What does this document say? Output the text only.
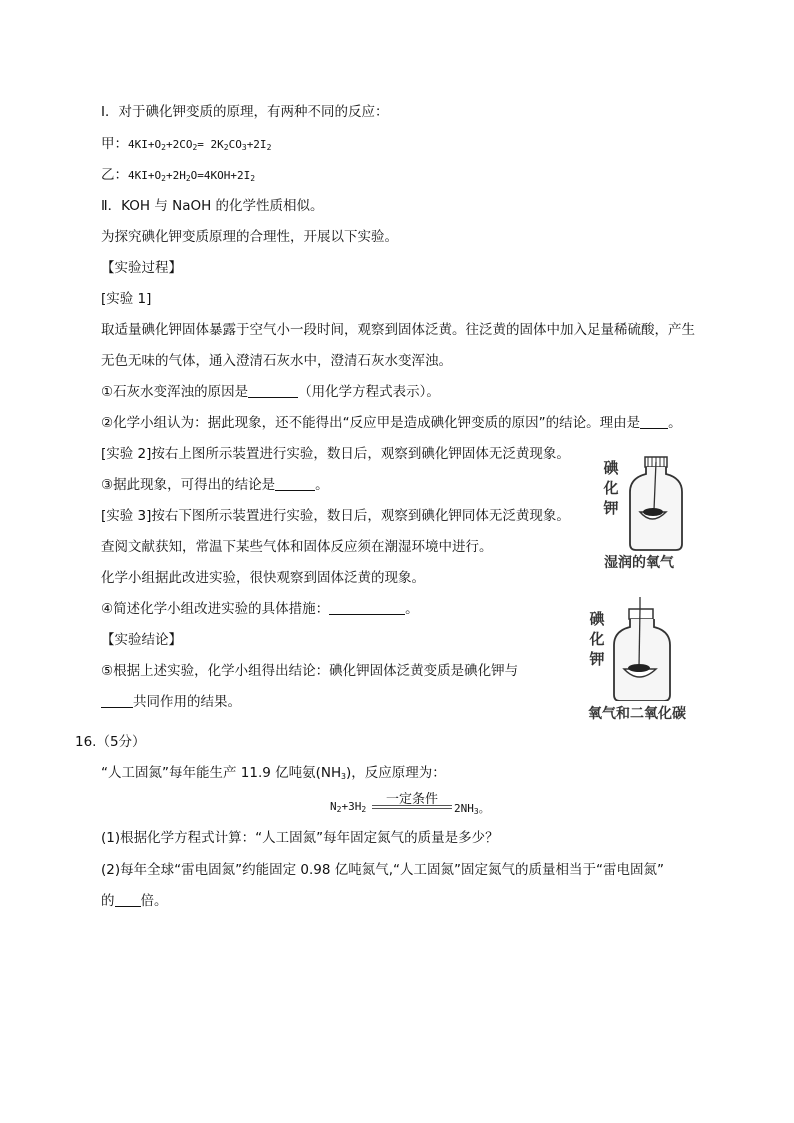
Ⅰ．对于碘化钾变质的原理，有两种不同的反应：
甲：$4KI+O_2+2CO_2= 2K_2CO_3+2I_2$
乙：$4KI+O_2+2H_2O=4KOH+2I_2$
Ⅱ．KOH 与 NaOH 的化学性质相似。
为探究碘化钾变质原理的合理性，开展以下实验。
【实验过程】
[实验 1]
取适量碘化钾固体暴露于空气小一段时间，观察到固体泛黄。往泛黄的固体中加入足量稀硫酸，产生
无色无味的气体，通入澄清石灰水中，澄清石灰水变浑浊。
①石灰水变浑浊的原因是	（用化学方程式表示）。
②化学小组认为：据此现象，还不能得出“反应甲是造成碘化钾变质的原因”的结论。理由是 。
[实验 2]按右上图所示装置进行实验，数日后，观察到碘化钾固体无泛黄现象。
③据此现象，可得出的结论是	。
[实验 3]按右下图所示装置进行实验，数日后，观察到碘化钾同体无泛黄现象。
查阅文献获知，常温下某些气体和固体反应须在潮湿环境中进行。
化学小组据此改进实验，很快观察到固体泛黄的现象。
④简述化学小组改进实验的具体措施：	。
【实验结论】
⑤根据上述实验，化学小组得出结论：碘化钾固体泛黄变质是碘化钾与
共同作用的结果。
碘化钾
湿润的氧气
碘化钾
氧气和二氧化碳
16.（5分）
“人工固氮”每年能生产 11.9 亿吨氨$(NH_3)$，反应原理为：
$N_2+3H_2$
一定条件
$2NH_3$。
(1)根据化学方程式计算：“人工固氮”每年固定氮气的质量是多少？
(2)每年全球“雷电固氮”约能固定 0.98 亿吨氮气,“人工固氮”固定氮气的质量相当于“雷电固氮”
的 倍。
